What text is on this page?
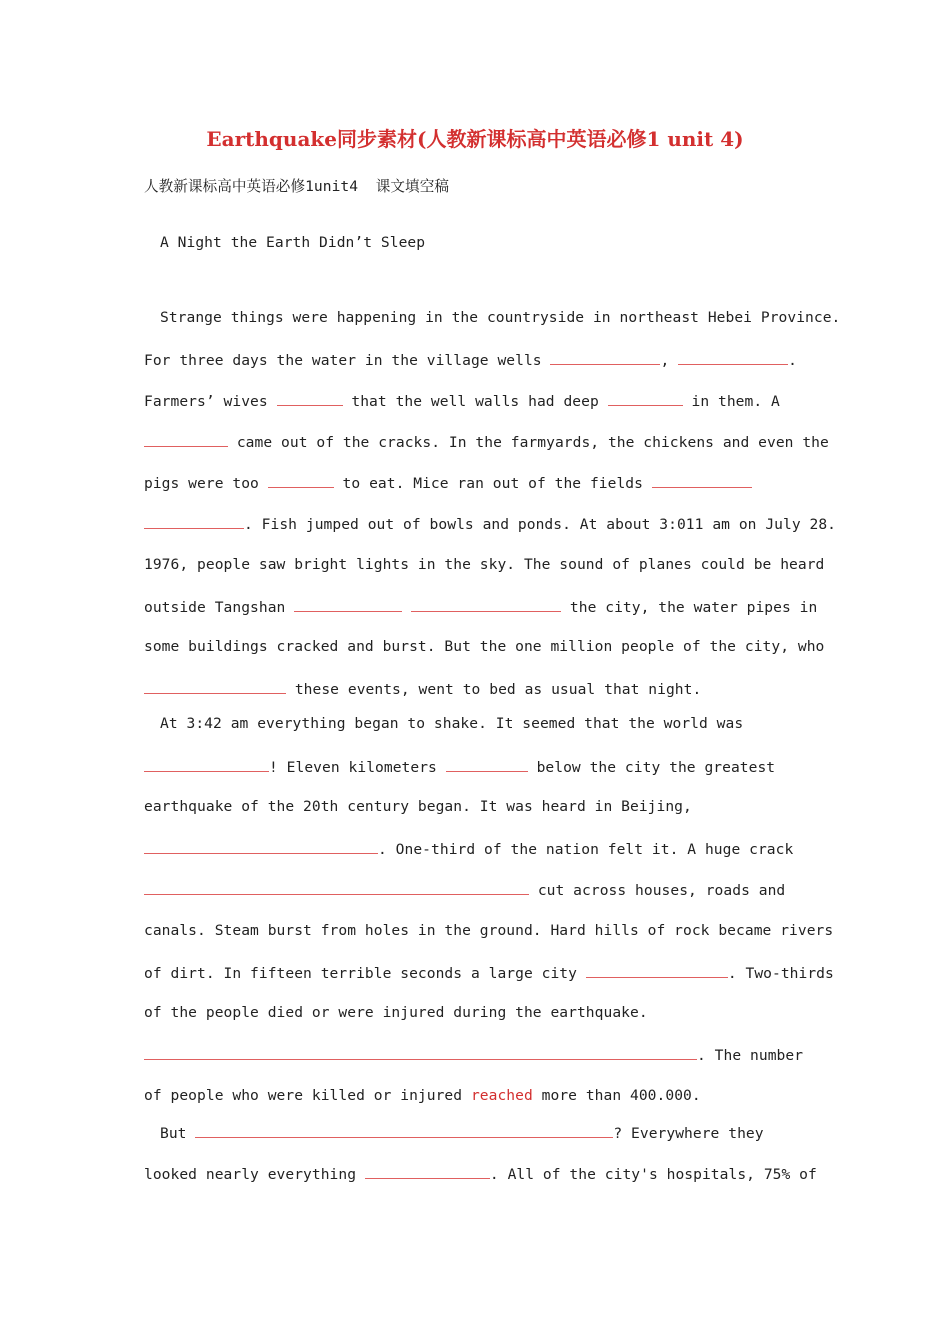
Earthquake同步素材(人教新课标高中英语必修1 unit 4)

人教新课标高中英语必修1unit4  课文填空稿

A Night the Earth Didn’t Sleep

Strange things were happening in the countryside in northeast Hebei Province.

For three days the water in the village wells	,	.

Farmers’ wives	that the well walls had deep	in them. A

came out of the cracks. In the farmyards, the chickens and even the

pigs were too	to eat. Mice ran out of the fields

. Fish jumped out of bowls and ponds. At about 3:011 am on July 28.

1976, people saw bright lights in the sky. The sound of planes could be heard

outside Tangshan	the city, the water pipes in

some buildings cracked and burst. But the one million people of the city, who

these events, went to bed as usual that night.

At 3:42 am everything began to shake. It seemed that the world was

! Eleven kilometers	below the city the greatest

earthquake of the 20th century began. It was heard in Beijing,

. One-third of the nation felt it. A huge crack

cut across houses, roads and

canals. Steam burst from holes in the ground. Hard hills of rock became rivers

of dirt. In fifteen terrible seconds a large city	. Two-thirds

of the people died or were injured during the earthquake.

. The number

of people who were killed or injured reached more than 400.000.

But	? Everywhere they

looked nearly everything	. All of the city's hospitals, 75% of
